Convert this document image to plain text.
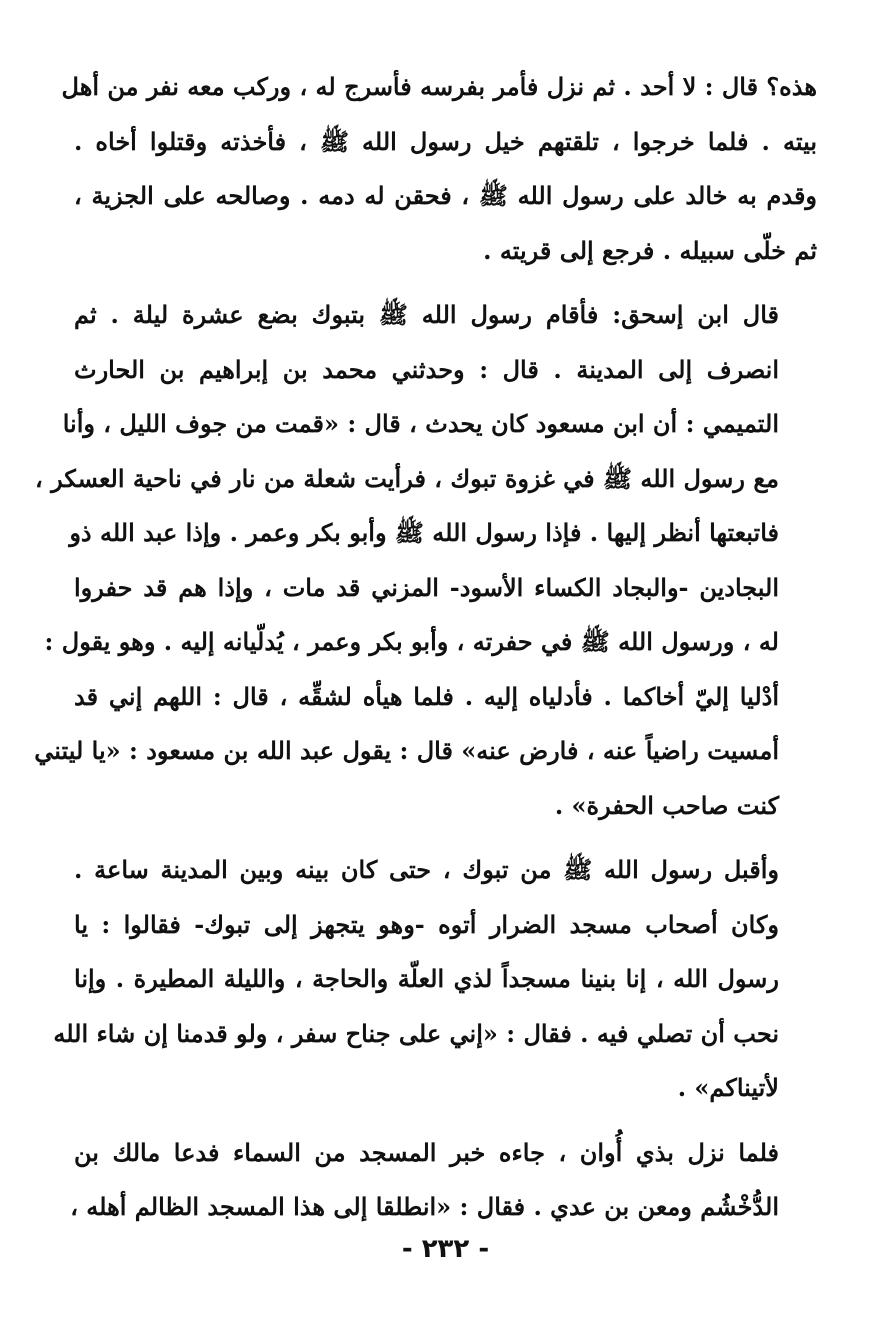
هذه؟ قال : لا أحد . ثم نزل فأمر بفرسه فأسرج له ، وركب معه نفر من أهل
بيته . فلما خرجوا ، تلقتهم خيل رسول الله ﷺ ، فأخذته وقتلوا أخاه .
وقدم به خالد على رسول الله ﷺ ، فحقن له دمه . وصالحه على الجزية ،
ثم خلّى سبيله . فرجع إلى قريته .

قال ابن إسحق: فأقام رسول الله ﷺ بتبوك بضع عشرة ليلة . ثم
انصرف إلى المدينة . قال : وحدثني محمد بن إبراهيم بن الحارث
التميمي : أن ابن مسعود كان يحدث ، قال : «قمت من جوف الليل ، وأنا
مع رسول الله ﷺ في غزوة تبوك ، فرأيت شعلة من نار في ناحية العسكر ،
فاتبعتها أنظر إليها . فإذا رسول الله ﷺ وأبو بكر وعمر . وإذا عبد الله ذو
البجادين -والبجاد الكساء الأسود- المزني قد مات ، وإذا هم قد حفروا
له ، ورسول الله ﷺ في حفرته ، وأبو بكر وعمر ، يُدلّيانه إليه . وهو يقول :
أدْليا إليّ أخاكما . فأدلياه إليه . فلما هيأه لشقِّه ، قال : اللهم إني قد
أمسيت راضياً عنه ، فارض عنه» قال : يقول عبد الله بن مسعود : «يا ليتني
كنت صاحب الحفرة» .

وأقبل رسول الله ﷺ من تبوك ، حتى كان بينه وبين المدينة ساعة .
وكان أصحاب مسجد الضرار أتوه -وهو يتجهز إلى تبوك- فقالوا : يا
رسول الله ، إنا بنينا مسجداً لذي العلّة والحاجة ، والليلة المطيرة . وإنا
نحب أن تصلي فيه . فقال : «إني على جناح سفر ، ولو قدمنا إن شاء الله
لأتيناكم» .

فلما نزل بذي أُوان ، جاءه خبر المسجد من السماء فدعا مالك بن
الدُّخْشُم ومعن بن عدي . فقال : «انطلقا إلى هذا المسجد الظالم أهله ،

- ٢٣٢ -
